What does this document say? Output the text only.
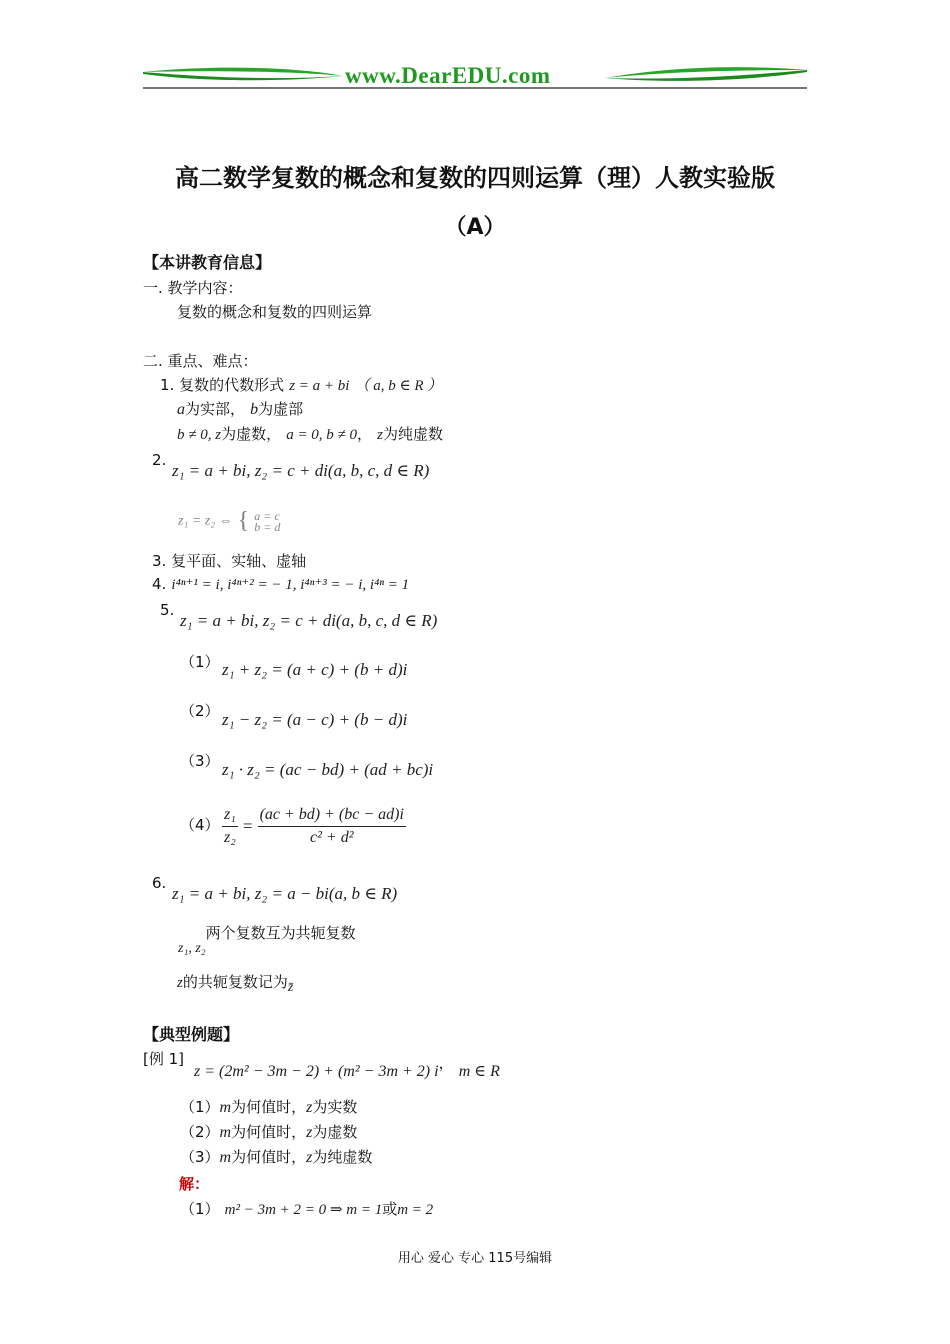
www.DearEDU.com
高二数学复数的概念和复数的四则运算（理）人教实验版
（A）
【本讲教育信息】
一. 教学内容：
复数的概念和复数的四则运算
二. 重点、难点：
1. 复数的代数形式 z = a + bi （ a, b ∈ R ）
a为实部， b为虚部
b ≠ 0, z为虚数， a = 0, b ≠ 0， z为纯虚数
2.
z₁ = a + bi, z₂ = c + di(a, b, c, d ∈ R)
z₁ = z₂ ⇔ { a = c
b = d
3. 复平面、实轴、虚轴
4. i⁴ⁿ⁺¹ = i, i⁴ⁿ⁺² = − 1, i⁴ⁿ⁺³ = − i, i⁴ⁿ = 1
5.
z₁ = a + bi, z₂ = c + di(a, b, c, d ∈ R)
（1） z₁ + z₂ = (a + c) + (b + d)i
（2） z₁ − z₂ = (a − c) + (b − d)i
（3） z₁ · z₂ = (ac − bd) + (ad + bc)i
$(4) \frac{\text{z₁}}{\text{z₂}} = \frac{(ac + bd) + (bc - ad)i}{\text{c² + d²}}$
6.
z₁ = a + bi, z₂ = a − bi(a, b ∈ R)
z₁, z₂两个复数互为共轭复数
z的共轭复数记为z̄
【典型例题】
[例 1]
z = (2m² − 3m − 2) + (m² − 3m + 2) i， m ∈ R
（1）m为何值时，z为实数
（2）m为何值时，z为虚数
（3）m为何值时，z为纯虚数
解：
（1） m² − 3m + 2 = 0 ⇒ m = 1或m = 2
用心 爱心 专心 115号编辑
